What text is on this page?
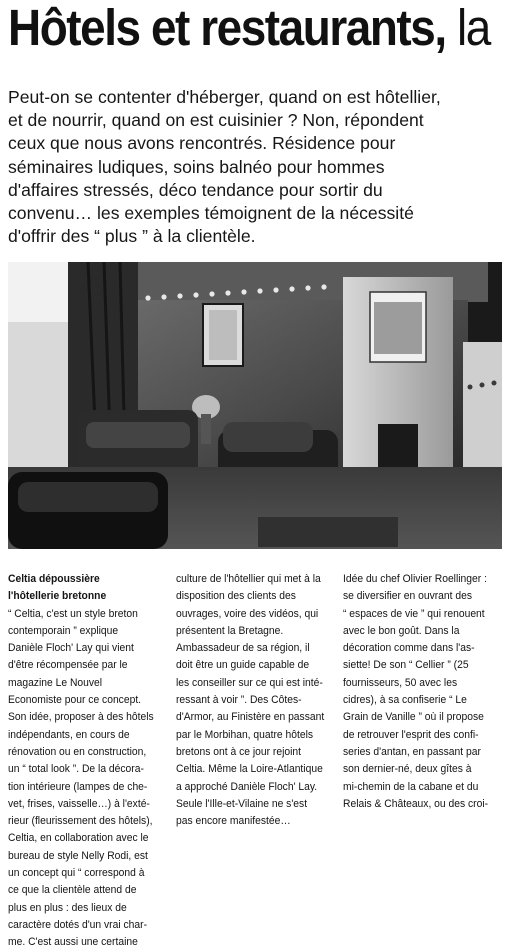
Hôtels et restaurants, la
Peut-on se contenter d'héberger, quand on est hôtellier,
et de nourrir, quand on est cuisinier ? Non, répondent
ceux que nous avons rencontrés. Résidence pour
séminaires ludiques, soins balnéo pour hommes
d'affaires stressés, déco tendance pour sortir du
convenu… les exemples témoignent de la nécessité
d'offrir des “ plus ” à la clientèle.
Celtia dépoussière
l'hôtellerie bretonne
“ Celtia, c'est un style breton
contemporain ” explique
Danièle Floch' Lay qui vient
d'être récompensée par le
magazine Le Nouvel
Economiste pour ce concept.
Son idée, proposer à des hôtels
indépendants, en cours de
rénovation ou en construction,
un “ total look ”. De la décora-
tion intérieure (lampes de che-
vet, frises, vaisselle…) à l'exté-
rieur (fleurissement des hôtels),
Celtia, en collaboration avec le
bureau de style Nelly Rodi, est
un concept qui “ correspond à
ce que la clientèle attend de
plus en plus : des lieux de
caractère dotés d'un vrai char-
me. C'est aussi une certaine
culture de l'hôtellier qui met à la
disposition des clients des
ouvrages, voire des vidéos, qui
présentent la Bretagne.
Ambassadeur de sa région, il
doit être un guide capable de
les conseiller sur ce qui est inté-
ressant à voir ”. Des Côtes-
d'Armor, au Finistère en passant
par le Morbihan, quatre hôtels
bretons ont à ce jour rejoint
Celtia. Même la Loire-Atlantique
a approché Danièle Floch' Lay.
Seule l'Ille-et-Vilaine ne s'est
pas encore manifestée…
Idée du chef Olivier Roellinger :
se diversifier en ouvrant des
“ espaces de vie ” qui renouent
avec le bon goût. Dans la
décoration comme dans l'as-
siette! De son “ Cellier ” (25
fournisseurs, 50 avec les
cidres), à sa confiserie “ Le
Grain de Vanille ” où il propose
de retrouver l'esprit des confi-
series d'antan, en passant par
son dernier-né, deux gîtes à
mi-chemin de la cabane et du
Relais & Châteaux, ou des croi-
